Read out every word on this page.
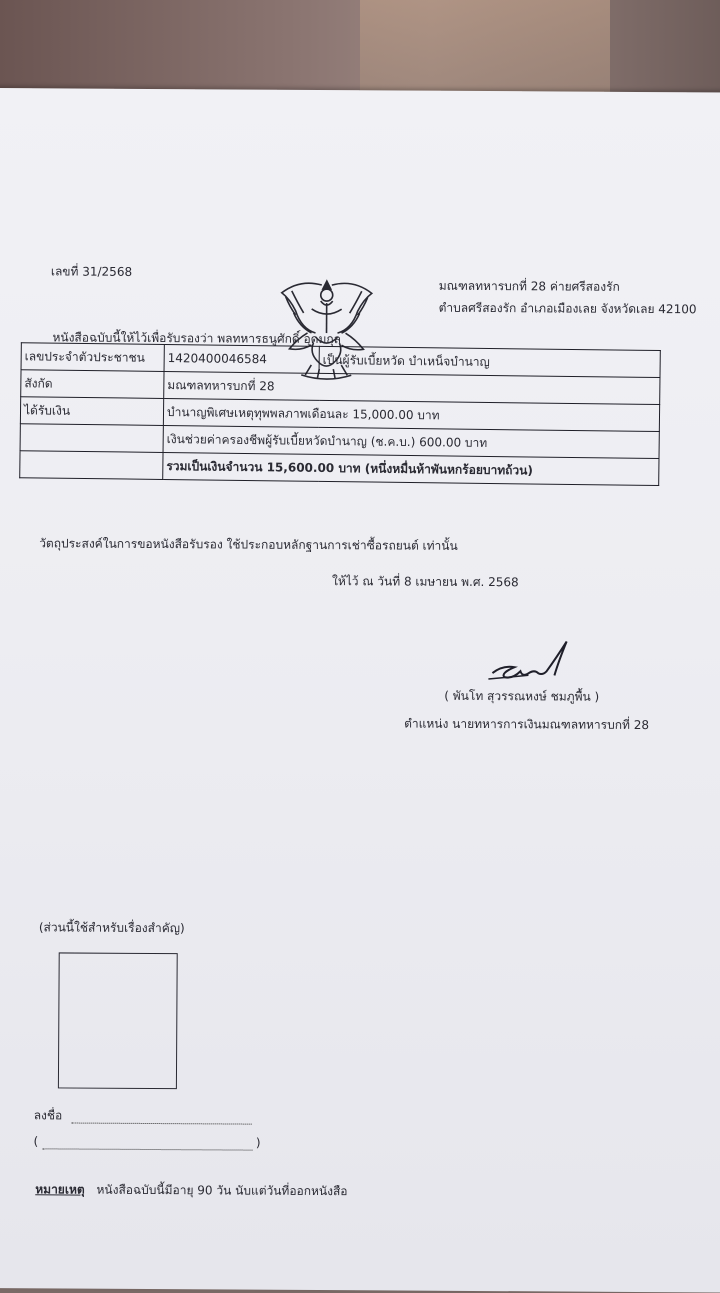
เลขที่ 31/2568
มณฑลทหารบกที่ 28 ค่ายศรีสองรัก
ตำบลศรีสองรัก อำเภอเมืองเลย จังหวัดเลย 42100
หนังสือฉบับนี้ให้ไว้เพื่อรับรองว่า พลทหารธนูศักดิ์ อุดมกุล
เลขประจำตัวประชาชน	1420400046584	เป็นผู้รับเบี้ยหวัด บำเหน็จบำนาญ
สังกัด	มณฑลทหารบกที่ 28	
ได้รับเงิน	บำนาญพิเศษเหตุทุพพลภาพเดือนละ 15,000.00 บาท	
	เงินช่วยค่าครองชีพผู้รับเบี้ยหวัดบำนาญ (ช.ค.บ.) 600.00 บาท	
	รวมเป็นเงินจำนวน 15,600.00 บาท (หนึ่งหมื่นห้าพันหกร้อยบาทถ้วน)	
วัตถุประสงค์ในการขอหนังสือรับรอง ใช้ประกอบหลักฐานการเช่าซื้อรถยนต์ เท่านั้น
ให้ไว้ ณ วันที่ 8 เมษายน พ.ศ. 2568
( พันโท สุวรรณหงษ์ ชมภูพื้น )
ตำแหน่ง นายทหารการเงินมณฑลทหารบกที่ 28
(ส่วนนี้ใช้สำหรับเรื่องสำคัญ)
ลงชื่อ
(	)
หมายเหตุ หนังสือฉบับนี้มีอายุ 90 วัน นับแต่วันที่ออกหนังสือ
